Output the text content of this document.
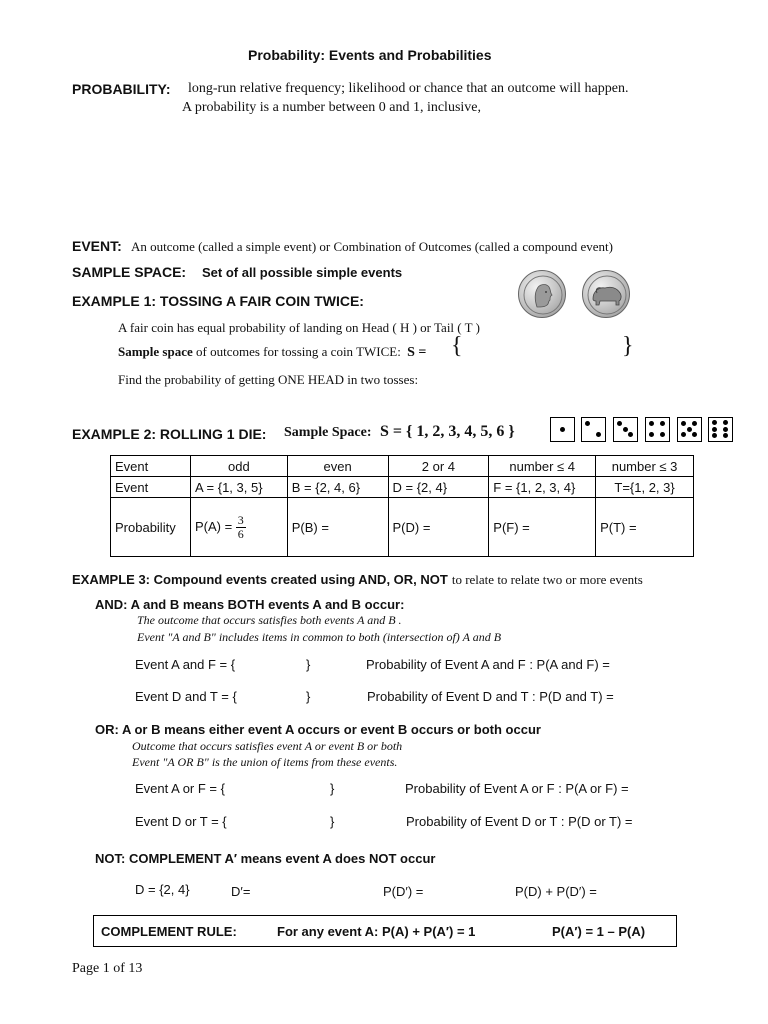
Probability: Events and Probabilities
PROBABILITY: long-run relative frequency; likelihood or chance that an outcome will happen.
A probability is a number between 0 and 1, inclusive,
EVENT: An outcome (called a simple event) or Combination of Outcomes (called a compound event)
SAMPLE SPACE: Set of all possible simple events
EXAMPLE 1: TOSSING A FAIR COIN TWICE:
A fair coin has equal probability of landing on Head ( H ) or Tail ( T )
Sample space of outcomes for tossing a coin TWICE: S = {	}
Find the probability of getting ONE HEAD in two tosses:
EXAMPLE 2: ROLLING 1 DIE: Sample Space: S = { 1, 2, 3, 4, 5, 6 }
Event	odd	even	2 or 4	number ≤ 4	number ≤ 3
Event	A = {1, 3, 5}	B = {2, 4, 6}	D = {2, 4}	F = {1, 2, 3, 4}	T={1, 2, 3}
Probability	$P(A) = \frac{3}{6}$	P(B) =	P(D) =	P(F) =	P(T) =
EXAMPLE 3: Compound events created using AND, OR, NOT to relate to relate two or more events
AND: A and B means BOTH events A and B occur:
The outcome that occurs satisfies both events A and B .
Event "A and B" includes items in common to both (intersection of) A and B
Event A and F = {	}	Probability of Event A and F : P(A and F) =
Event D and T = {	}	Probability of Event D and T : P(D and T) =
OR: A or B means either event A occurs or event B occurs or both occur
Outcome that occurs satisfies event A or event B or both
Event "A OR B" is the union of items from these events.
Event A or F = {	}	Probability of Event A or F : P(A or F) =
Event D or T = {	}	Probability of Event D or T : P(D or T) =
NOT: COMPLEMENT A′ means event A does NOT occur
D = {2, 4}	D′=	P(D′) =	P(D) + P(D′) =
COMPLEMENT RULE:	For any event A: P(A) + P(A′) = 1	P(A′) = 1 – P(A)
Page 1 of 13
